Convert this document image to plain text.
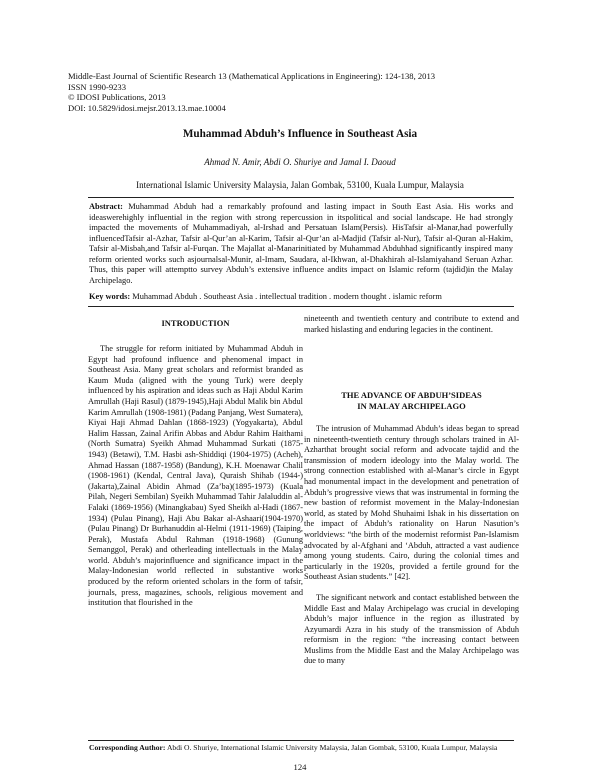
Middle-East Journal of Scientific Research 13 (Mathematical Applications in Engineering): 124-138, 2013
ISSN 1990-9233
© IDOSI Publications, 2013
DOI: 10.5829/idosi.mejsr.2013.13.mae.10004
Muhammad Abduh’s Influence in Southeast Asia
Ahmad N. Amir, Abdi O. Shuriye and Jamal I. Daoud
International Islamic University Malaysia, Jalan Gombak, 53100, Kuala Lumpur, Malaysia
Abstract: Muhammad Abduh had a remarkably profound and lasting impact in South East Asia. His works and ideaswerehighly influential in the region with strong repercussion in itspolitical and social landscape. He had strongly impacted the movements of Muhammadiyah, al-Irshad and Persatuan Islam(Persis). HisTafsir al-Manar,had powerfully influencedTafsir al-Azhar, Tafsir al-Qur’an al-Karim, Tafsir al-Qur’an al-Madjid (Tafsir al-Nur), Tafsir al-Quran al-Hakim, Tafsir al-Misbah,and Tafsir al-Furqan. The Majallat al-Manarinitiated by Muhammad Abduhhad significantly inspired many reform oriented works such asjournalsal-Munir, al-Imam, Saudara, al-Ikhwan, al-Dhakhirah al-Islamiyahand Seruan Azhar. Thus, this paper will attemptto survey Abduh’s extensive influence andits impact on Islamic reform (tajdid)in the Malay Archipelago.
Key words: Muhammad Abduh . Southeast Asia . intellectual tradition . modern thought . islamic reform
INTRODUCTION

The struggle for reform initiated by Muhammad Abduh in Egypt had profound influence and phenomenal impact in Southeast Asia. Many great scholars and reformist branded as Kaum Muda (aligned with the young Turk) were deeply influenced by his aspiration and ideas such as Haji Abdul Karim Amrullah (Haji Rasul) (1879-1945),Haji Abdul Malik bin Abdul Karim Amrullah (1908-1981) (Padang Panjang, West Sumatera), Kiyai Haji Ahmad Dahlan (1868-1923) (Yogyakarta), Abdul Halim Hassan, Zainal Arifin Abbas and Abdur Rahim Haithami (North Sumatra) Syeikh Ahmad Muhammad Surkati (1875-1943) (Betawi), T.M. Hasbi ash-Shiddiqi (1904-1975) (Acheh), Ahmad Hassan (1887-1958) (Bandung), K.H. Moenawar Chalil (1908-1961) (Kendal, Central Java), Quraish Shihab (1944-) (Jakarta),Zainal Abidin Ahmad (Za’ba)(1895-1973) (Kuala Pilah, Negeri Sembilan) Syeikh Muhammad Tahir Jalaluddin al-Falaki (1869-1956) (Minangkabau) Syed Sheikh al-Hadi (1867-1934) (Pulau Pinang), Haji Abu Bakar al-Ashaari(1904-1970) (Pulau Pinang) Dr Burhanuddin al-Helmi (1911-1969) (Taiping, Perak), Mustafa Abdul Rahman (1918-1968) (Gunung Semanggol, Perak) and otherleading intellectuals in the Malay world. Abduh’s majorinfluence and significance impact in the Malay-Indonesian world reflected in substantive works produced by the reform oriented scholars in the form of tafsir, journals, press, magazines, schools, religious movement and institution that flourished in the

nineteenth and twentieth century and contribute to extend and marked hislasting and enduring legacies in the continent.

THE ADVANCE OF ABDUH’SIDEAS
IN MALAY ARCHIPELAGO

The intrusion of Muhammad Abduh’s ideas began to spread in nineteenth-twentieth century through scholars trained in Al-Azharthat brought social reform and advocate tajdid and the transmission of modern ideology into the Malay world. The strong connection established with al-Manar’s circle in Egypt had monumental impact in the development and penetration of Abduh’s progressive views that was instrumental in forming the new bastion of reformist movement in the Malay-Indonesian world, as stated by Mohd Shuhaimi Ishak in his dissertation on the impact of Abduh’s rationality on Harun Nasution’s worldviews: “the birth of the modernist reformist Pan-Islamism advocated by al-Afghani and ‘Abduh, attracted a vast audience among young students. Cairo, during the colonial times and particularly in the 1920s, provided a fertile ground for the Southeast Asian students.” [42].

The significant network and contact established between the Middle East and Malay Archipelago was crucial in developing Abduh’s major influence in the region as illustrated by Azyumardi Azra in his study of the transmission of Abduh reformism in the region: “the increasing contact between Muslims from the Middle East and the Malay Archipelago was due to many

Corresponding Author: Abdi O. Shuriye, International Islamic University Malaysia, Jalan Gombak, 53100, Kuala Lumpur, Malaysia
124
